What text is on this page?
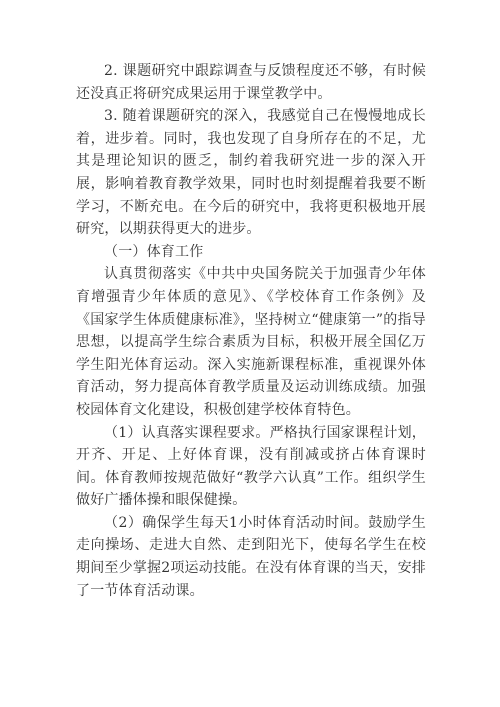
2. 课题研究中跟踪调查与反馈程度还不够，有时候还没真正将研究成果运用于课堂教学中。

3. 随着课题研究的深入，我感觉自己在慢慢地成长着，进步着。同时，我也发现了自身所存在的不足，尤其是理论知识的匮乏，制约着我研究进一步的深入开展，影响着教育教学效果，同时也时刻提醒着我要不断学习，不断充电。在今后的研究中，我将更积极地开展研究，以期获得更大的进步。

（一）体育工作

认真贯彻落实《中共中央国务院关于加强青少年体育增强青少年体质的意见》、《学校体育工作条例》及《国家学生体质健康标准》，坚持树立“健康第一”的指导思想，以提高学生综合素质为目标，积极开展全国亿万学生阳光体育运动。深入实施新课程标准，重视课外体育活动，努力提高体育教学质量及运动训练成绩。加强校园体育文化建设，积极创建学校体育特色。

（1）认真落实课程要求。严格执行国家课程计划，开齐、开足、上好体育课，没有削减或挤占体育课时间。体育教师按规范做好“教学六认真”工作。组织学生做好广播体操和眼保健操。

（2）确保学生每天1小时体育活动时间。鼓励学生走向操场、走进大自然、走到阳光下，使每名学生在校期间至少掌握2项运动技能。在没有体育课的当天，安排了一节体育活动课。
